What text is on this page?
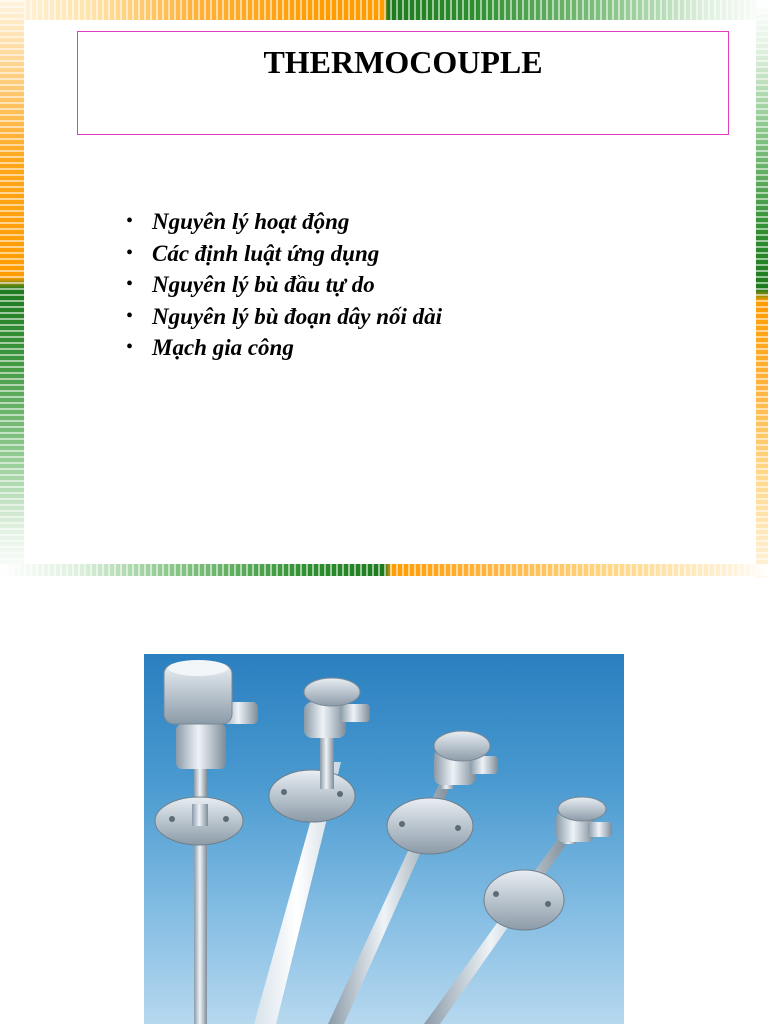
THERMOCOUPLE
• Nguyên lý hoạt động
• Các định luật ứng dụng
• Nguyên lý bù đầu tự do
• Nguyên lý bù đoạn dây nối dài
• Mạch gia công
